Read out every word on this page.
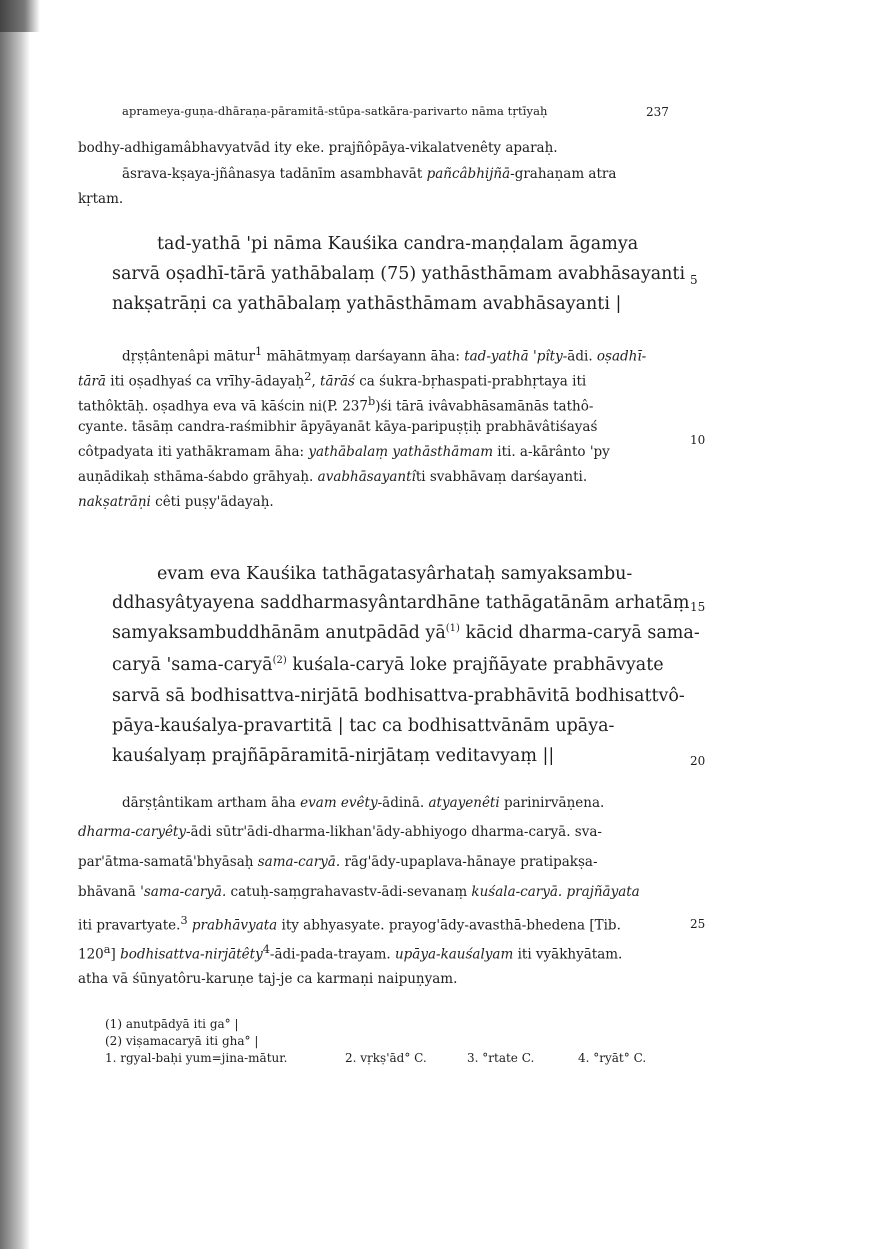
aprameya-guṇa-dhāraṇa-pāramitā-stūpa-satkāra-parivarto nāma tṛtīyaḥ	237
bodhy-adhigamâbhavyatvād ity eke. prajñôpāya-vikalatvenêty aparaḥ.
āsrava-kṣaya-jñânasya tadānīm asambhavāt pañcâbhijñā-grahaṇam atra
kṛtam.
tad-yathā 'pi nāma Kauśika candra-maṇḍalam āgamya
sarvā oṣadhī-tārā yathābalaṃ (75) yathāsthāmam avabhāsayanti
nakṣatrāṇi ca yathābalaṃ yathāsthāmam avabhāsayanti |
5
dṛṣṭântenâpi mātur$^1$ māhātmyaṃ darśayann āha: tad-yathā 'pîty-ādi. oṣadhī-
tārā iti oṣadhyaś ca vrīhy-ādayaḥ$^2$, tārāś ca śukra-bṛhaspati-prabhṛtaya iti
tathôktāḥ. oṣadhya eva vā kāścin ni(P. 237$^b$)śi tārā ivâvabhāsamānās tathô-
cyante. tāsāṃ candra-raśmibhir āpyāyanāt kāya-paripuṣṭiḥ prabhāvâtiśayaś
côtpadyata iti yathākramam āha: yathābalaṃ yathāsthāmam iti. a-kārânto 'py
auṇādikaḥ sthāma-śabdo grāhyaḥ. avabhāsayantîti svabhāvaṃ darśayanti.
nakṣatrāṇi cêti puṣy'ādayaḥ.
10
evam eva Kauśika tathāgatasyârhataḥ samyaksambu-
ddhasyâtyayena saddharmasyântardhāne tathāgatānām arhatāṃ
samyaksambuddhānām anutpādād $yā^{(1)}$ kācid dharma-caryā sama-
caryā 'sama-caryā$^{(2)}$ kuśala-caryā loke prajñāyate prabhāvyate
sarvā sā bodhisattva-nirjātā bodhisattva-prabhāvitā bodhisattvô-
pāya-kauśalya-pravartitā | tac ca bodhisattvānām upāya-
kauśalyaṃ prajñāpāramitā-nirjātaṃ veditavyaṃ ||
15
20
dārṣṭântikam artham āha evam evêty-ādinā. atyayenêti parinirvāṇena.
dharma-caryêty-ādi sūtr'ādi-dharma-likhan'ādy-abhiyogo dharma-caryā. sva-
par'ātma-samatā'bhyāsaḥ sama-caryā. rāg'ādy-upaplava-hānaye pratipakṣa-
bhāvanā 'sama-caryā. catuḥ-saṃgrahavastv-ādi-sevanaṃ kuśala-caryā. prajñāyata
iti pravartyate.$^3$ prabhāvyata ity abhyasyate. prayog'ādy-avasthā-bhedena [Tib.
120$^a$] bodhisattva-nirjātêty$^4$-ādi-pada-trayam. upāya-kauśalyam iti vyākhyātam.
atha vā śūnyatôru-karuṇe taj-je ca karmaṇi naipuṇyam.
25
(1) anutpādyā iti ga° |
(2) viṣamacaryā iti gha° |
1. rgyal-baḥi yum=jina-mātur.	2. vṛkṣ'ād° C.	3. °rtate C.	4. °ryāt° C.
